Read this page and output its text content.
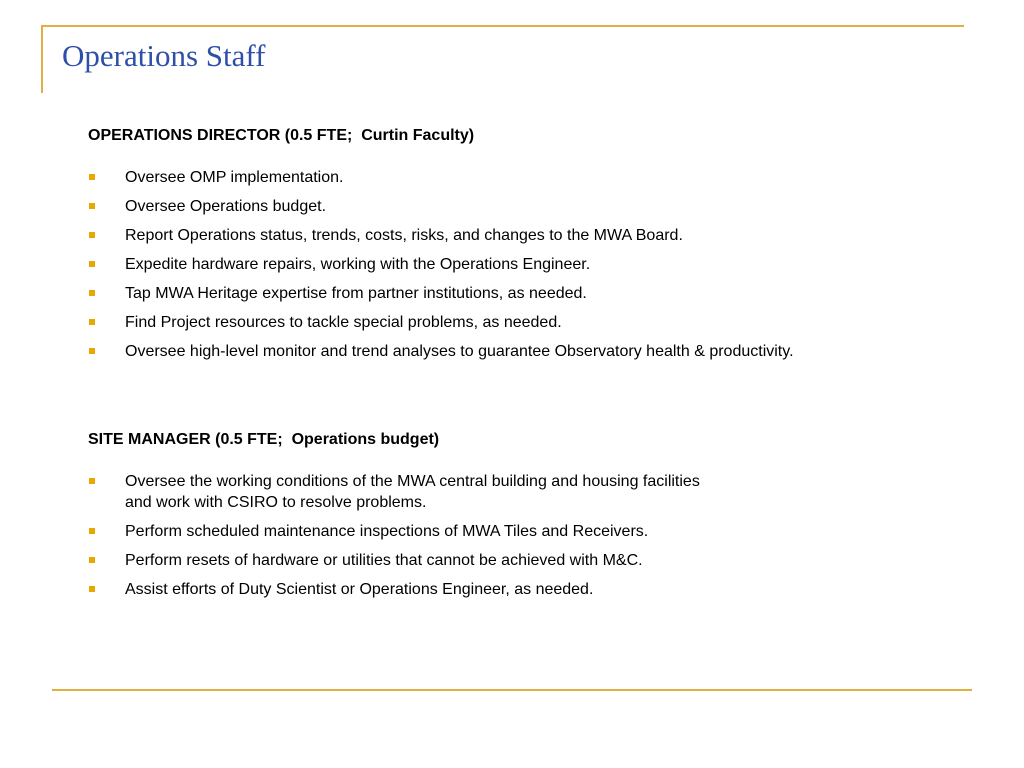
Operations Staff
OPERATIONS DIRECTOR (0.5 FTE;  Curtin Faculty)
Oversee OMP implementation.
Oversee Operations budget.
Report Operations status, trends, costs, risks, and changes to the MWA Board.
Expedite hardware repairs, working with the Operations Engineer.
Tap MWA Heritage expertise from partner institutions, as needed.
Find Project resources to tackle special problems, as needed.
Oversee high-level monitor and trend analyses to guarantee Observatory health & productivity.
SITE MANAGER (0.5 FTE;  Operations budget)
Oversee the working conditions of the MWA central building and housing facilities
and work with CSIRO to resolve problems.
Perform scheduled maintenance inspections of MWA Tiles and Receivers.
Perform resets of hardware or utilities that cannot be achieved with M&C.
Assist efforts of Duty Scientist or Operations Engineer, as needed.
